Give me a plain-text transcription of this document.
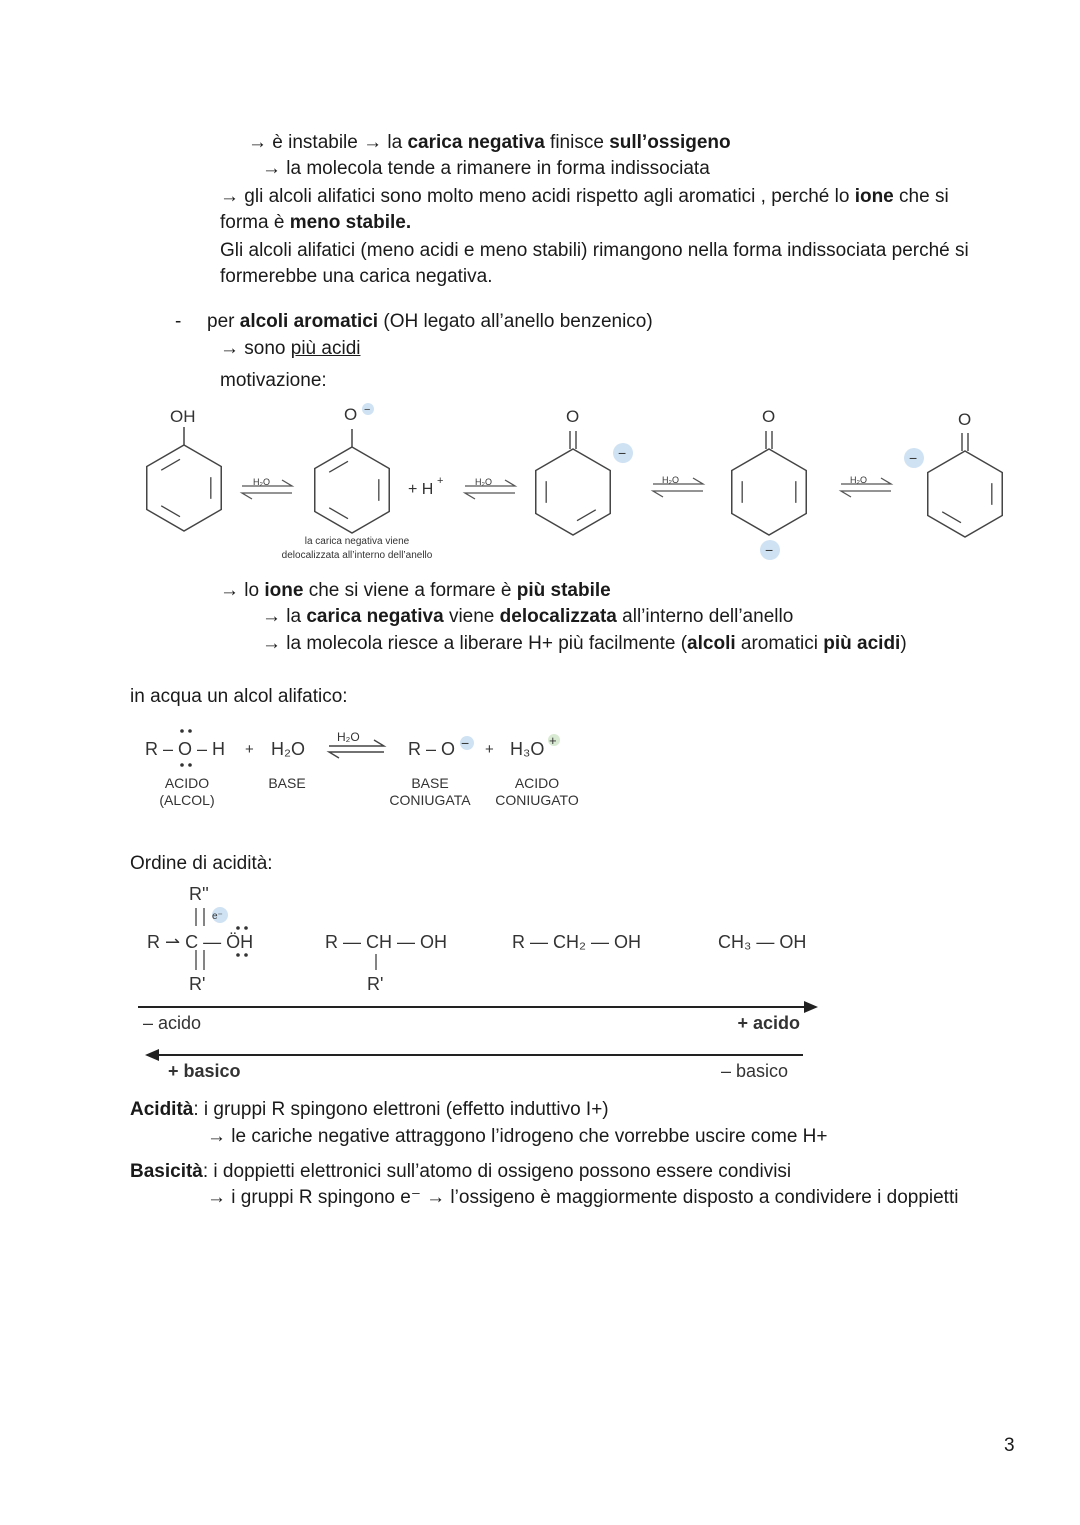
→ è instabile → la carica negativa finisce sull’ossigeno
→ la molecola tende a rimanere in forma indissociata
→ gli alcoli alifatici sono molto meno acidi rispetto agli aromatici , perché lo ione che si
forma è meno stabile.
Gli alcoli alifatici (meno acidi e meno stabili) rimangono nella forma indissociata perché si
formerebbe una carica negativa.
- per alcoli aromatici (OH legato all’anello benzenico)
→ sono più acidi
motivazione:
→ lo ione che si viene a formare è più stabile
→ la carica negativa viene delocalizzata all’interno dell’anello
→ la molecola riesce a liberare H+ più facilmente (alcoli aromatici più acidi)
in acqua un alcol alifatico:
Ordine di acidità:
Acidità: i gruppi R spingono elettroni (effetto induttivo I+)
→ le cariche negative attraggono l’idrogeno che vorrebbe uscire come H+
Basicità: i doppietti elettronici sull’atomo di ossigeno possono essere condivisi
→ i gruppi R spingono e⁻ → l’ossigeno è maggiormente disposto a condividere i doppietti
3
OH	O −
+ H +
O	O	O
−
−
−
H₂O	H₂O	H₂O	H₂O
la carica negativa viene
delocalizzata all’interno dell’anello
R – O – H + H₂O
H₂O
R – O − + H₃O +
ACIDO
(ALCOL)
BASE	BASE
CONIUGATA
ACIDO
CONIUGATO
R''
e⁻
R ⇀ C — ÖH
R'
R — CH — OH
R'
R — CH₂ — OH	CH₃ — OH
– acido	+ acido
+ basico	– basico
